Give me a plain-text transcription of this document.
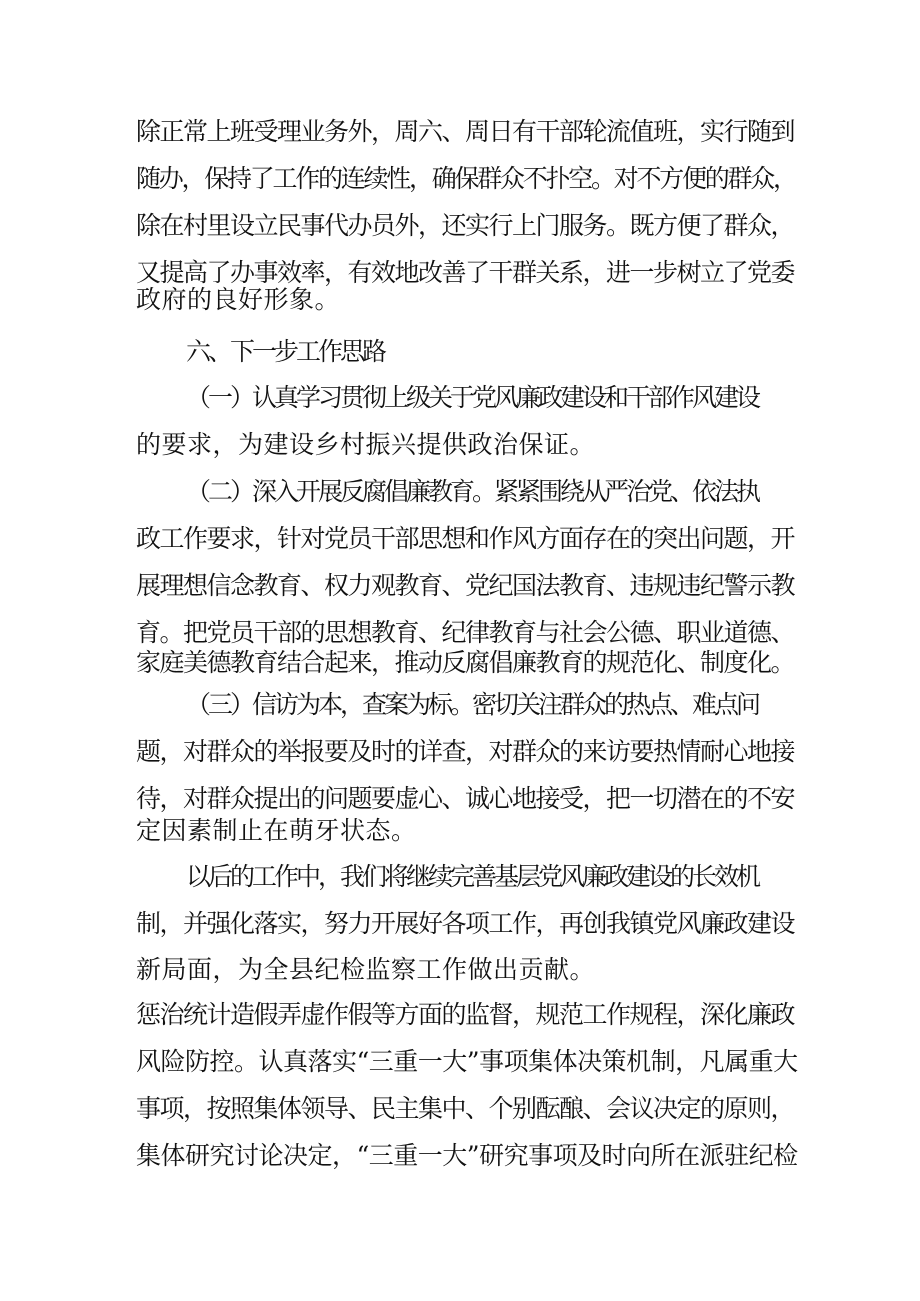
除正常上班受理业务外，周六、周日有干部轮流值班，实行随到
随办，保持了工作的连续性，确保群众不扑空。对不方便的群众，
除在村里设立民事代办员外，还实行上门服务。既方便了群众，
又提高了办事效率，有效地改善了干群关系，进一步树立了党委
政府的良好形象。
六、下一步工作思路
（一）认真学习贯彻上级关于党风廉政建设和干部作风建设
的要求，为建设乡村振兴提供政治保证。
（二）深入开展反腐倡廉教育。紧紧围绕从严治党、依法执
政工作要求，针对党员干部思想和作风方面存在的突出问题，开
展理想信念教育、权力观教育、党纪国法教育、违规违纪警示教
育。把党员干部的思想教育、纪律教育与社会公德、职业道德、
家庭美德教育结合起来，推动反腐倡廉教育的规范化、制度化。
（三）信访为本，查案为标。密切关注群众的热点、难点问
题，对群众的举报要及时的详查，对群众的来访要热情耐心地接
待，对群众提出的问题要虚心、诚心地接受，把一切潜在的不安
定因素制止在萌牙状态。
以后的工作中，我们将继续完善基层党风廉政建设的长效机
制，并强化落实，努力开展好各项工作，再创我镇党风廉政建设
新局面，为全县纪检监察工作做出贡献。
惩治统计造假弄虚作假等方面的监督，规范工作规程，深化廉政
风险防控。认真落实“三重一大”事项集体决策机制，凡属重大
事项，按照集体领导、民主集中、个别酝酿、会议决定的原则，
集体研究讨论决定，“三重一大”研究事项及时向所在派驻纪检
